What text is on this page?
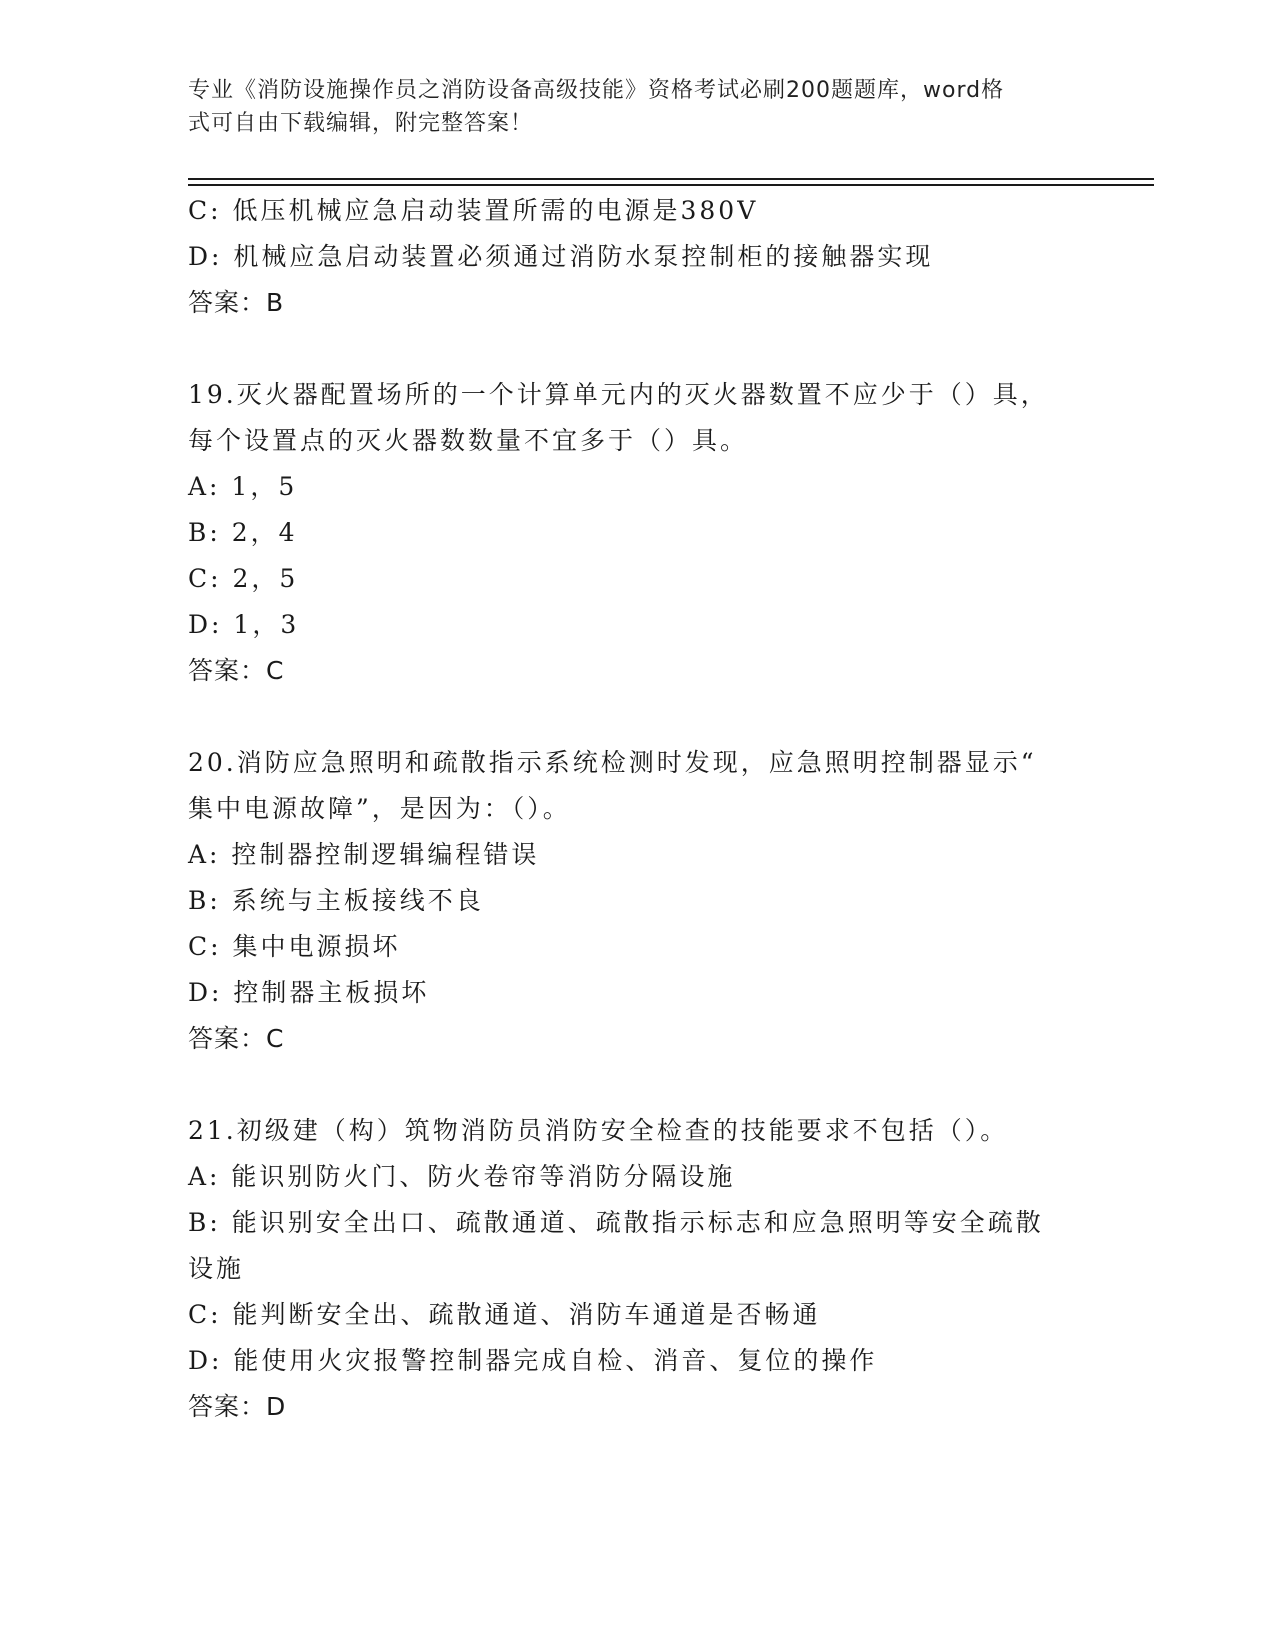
专业《消防设施操作员之消防设备高级技能》资格考试必刷200题题库，word格
式可自由下载编辑，附完整答案！
C: 低压机械应急启动装置所需的电源是380V
D: 机械应急启动装置必须通过消防水泵控制柜的接触器实现
答案：B
19.灭火器配置场所的一个计算单元内的灭火器数置不应少于（）具，
每个设置点的灭火器数数量不宜多于（）具。
A: 1，5
B: 2，4
C: 2，5
D: 1，3
答案：C
20.消防应急照明和疏散指示系统检测时发现，应急照明控制器显示“
集中电源故障”，是因为：（）。
A: 控制器控制逻辑编程错误
B: 系统与主板接线不良
C: 集中电源损坏
D: 控制器主板损坏
答案：C
21.初级建（构）筑物消防员消防安全检查的技能要求不包括（）。
A: 能识别防火门、防火卷帘等消防分隔设施
B: 能识别安全出口、疏散通道、疏散指示标志和应急照明等安全疏散
设施
C: 能判断安全出、疏散通道、消防车通道是否畅通
D: 能使用火灾报警控制器完成自检、消音、复位的操作
答案：D
